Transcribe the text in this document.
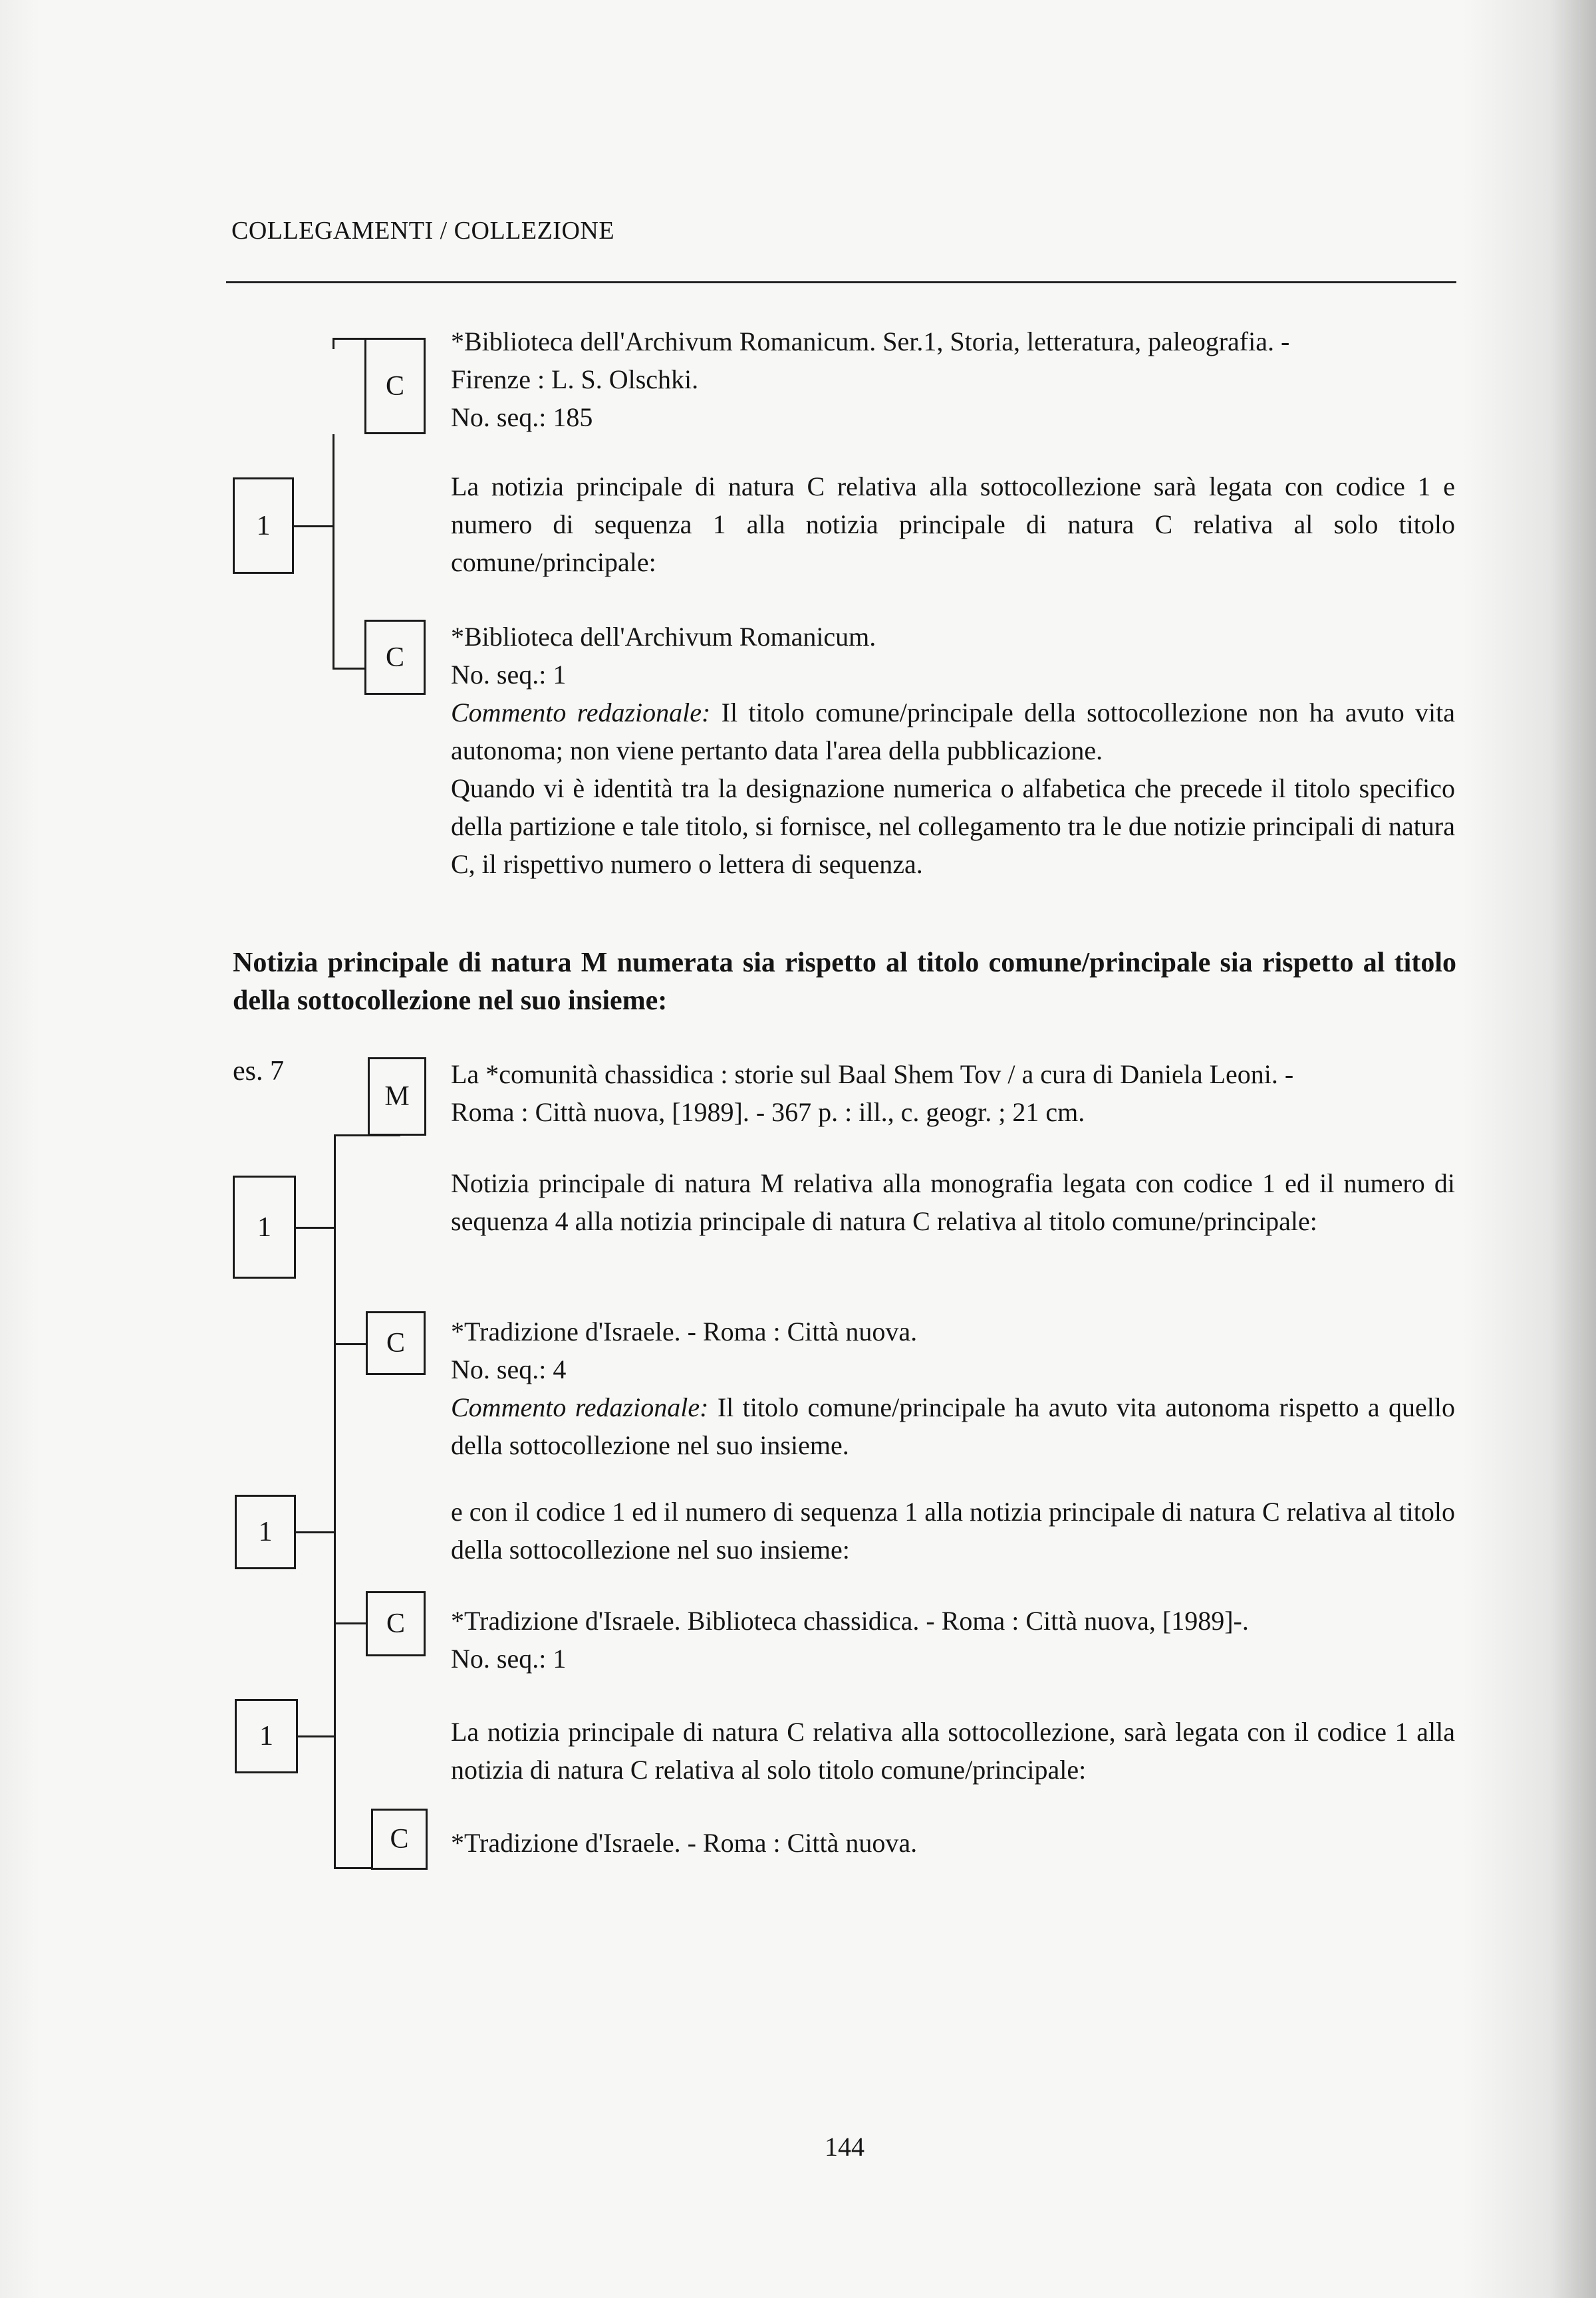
COLLEGAMENTI / COLLEZIONE
C
*Biblioteca dell'Archivum Romanicum. Ser.1, Storia, letteratura, paleografia. -
Firenze : L. S. Olschki.
No. seq.: 185
1
La notizia principale di natura C relativa alla sottocollezione sarà legata con codice 1 e numero di sequenza 1 alla notizia principale di natura C relativa al solo titolo comune/principale:
C
*Biblioteca dell'Archivum Romanicum.
No. seq.: 1
Commento redazionale: Il titolo comune/principale della sottocollezione non ha avuto vita autonoma; non viene pertanto data l'area della pubblicazione.
Quando vi è identità tra la designazione numerica o alfabetica che precede il titolo specifico della partizione e tale titolo, si fornisce, nel collegamento tra le due notizie principali di natura C, il rispettivo numero o lettera di sequenza.
Notizia principale di natura M numerata sia rispetto al titolo comune/principale sia rispetto al titolo della sottocollezione nel suo insieme:
es. 7
M
La *comunità chassidica : storie sul Baal Shem Tov / a cura di Daniela Leoni. -
Roma : Città nuova, [1989]. - 367 p. : ill., c. geogr. ; 21 cm.
1
Notizia principale di natura M relativa alla monografia legata con codice 1 ed il numero di sequenza 4 alla notizia principale di natura C relativa al titolo comune/principale:
C	*Tradizione d'Israele. - Roma : Città nuova.
No. seq.: 4
Commento redazionale: Il titolo comune/principale ha avuto vita autonoma rispetto a quello della sottocollezione nel suo insieme.
1
e con il codice 1 ed il numero di sequenza 1 alla notizia principale di natura C relativa al titolo della sottocollezione nel suo insieme:
C	*Tradizione d'Israele. Biblioteca chassidica. - Roma : Città nuova, [1989]-.
No. seq.: 1
1	La notizia principale di natura C relativa alla sottocollezione, sarà legata con il codice 1 alla notizia di natura C relativa al solo titolo comune/principale:
C	*Tradizione d'Israele. - Roma : Città nuova.
144
